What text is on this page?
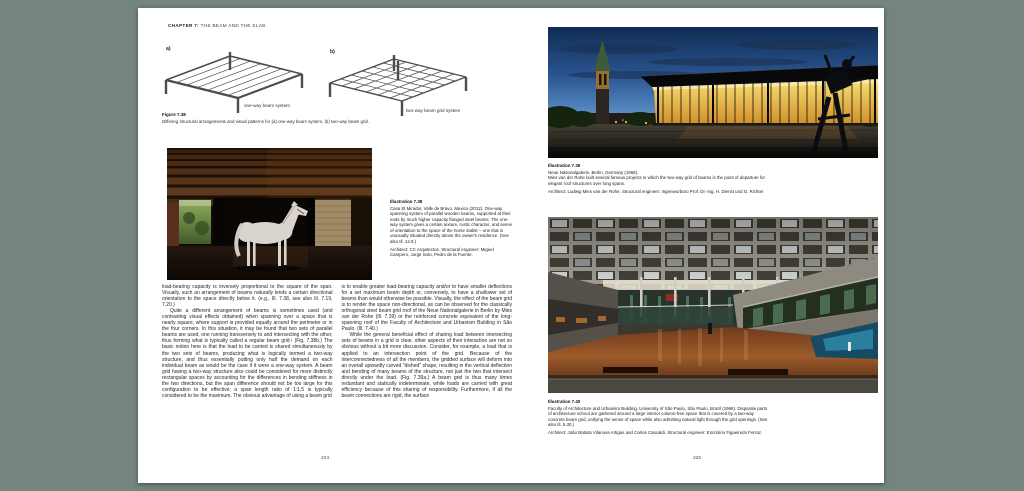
CHAPTER 7: THE BEAM AND THE SLAB
a)
one-way beam system
b)
two-way beam grid system
Figure 7.38
Differing structural arrangements and visual patterns for (a) one-way beam system, (b) two-way beam grid.
Illustration 7.38
Casa El Mirador, Valle de Bravo, Mexico (2012). One-way spanning system of parallel wooden beams, supported at their ends by much higher capacity flanged steel beams. The one-way system gives a certain texture, rustic character, and sense of orientation to the space of the horse stable – one that is unusually situated directly above the owner's residence. (See also Ill. 12.9.)
Architect: CC Arquitectos. Structural engineer: Miguel Campero, Jorge Soto, Pedro de la Fuente.

load-bearing capacity is inversely proportional to the square of the span. Visually, such an arrangement of beams naturally lends a certain directional orientation to the space directly below it. (e.g., Ill. 7.38, see also Ill. 7.19, 7.20.)

Quite a different arrangement of beams is sometimes used (and contrasting visual effects obtained) when spanning over a space that is nearly square, where support is provided equally around the perimeter or in the four corners. In this situation, it may be found that two sets of parallel beams are used, one running transversely to and intersecting with the other, thus forming what is typically called a regular beam grid.¹ (Fig. 7.38b.) The basic notion here is that the load to be carried is shared simultaneously by the two sets of beams, producing what is logically termed a two-way structure, and thus essentially putting only half the demand on each individual beam as would be the case if it were a one-way system. A beam grid having a two-way structure also could be considered for more distinctly rectangular spaces by accounting for the differences in bending stiffness in the two directions, but the span difference should not be too large for this configuration to be effective; a span length ratio of 1:1.5 is typically considered to be the maximum. The obvious advantage of using a beam grid

is to enable greater load-bearing capacity and/or to have smaller deflections for a set maximum beam depth or, conversely, to have a shallower set of beams than would otherwise be possible. Visually, the effect of the beam grid is to render the space non-directional, as can be observed for the classically orthogonal steel beam grid roof of the Neue Nationalgalerie in Berlin by Mies van der Rohe (Ill. 7.39) or the reinforced concrete equivalent of the long-spanning roof of the Faculty of Architecture and Urbanism Building in São Paulo. (Ill. 7.40.)

While the general beneficial effect of sharing load between intersecting sets of beams in a grid is clear, other aspects of their interaction are not so obvious without a bit more discussion. Consider, for example, a load that is applied to an intersection point of the grid. Because of the interconnectedness of all the members, the gridded surface will deform into an overall upwardly curved "dished" shape, resulting in the vertical deflection and bending of many beams of the structure, not just the two that intersect directly under the load. (Fig. 7.39a.) A beam grid is thus many times redundant and statically indeterminate, while loads are carried with great efficiency because of this sharing of responsibility. Furthermore, if all the beam connections are rigid, the surface

224
Illustration 7.39
Neue Nationalgalerie, Berlin, Germany (1968).
Mies van der Rohe built several famous projects in which the two-way grid of beams is the point of departure for elegant roof structures over long spans.
Architect: Ludwig Mies van der Rohe. Structural engineer: Ingenieurbüro Prof. Dr.-Ing. H. Dienst und G. Richter
Illustration 7.40
Faculty of Architecture and Urbanism Building, University of São Paulo, São Paulo, Brazil (1969). Disparate parts of architecture school are gathered around a large interior column-free space that is covered by a two-way concrete beam grid, unifying the sense of space while also admitting natural light through the grid openings. (See also Ill. 5.30.)
Architect: João Batista Vilanova Artigas and Carlos Cascaldi. Structural engineer: Escritório Figueiredo Ferraz.
225
